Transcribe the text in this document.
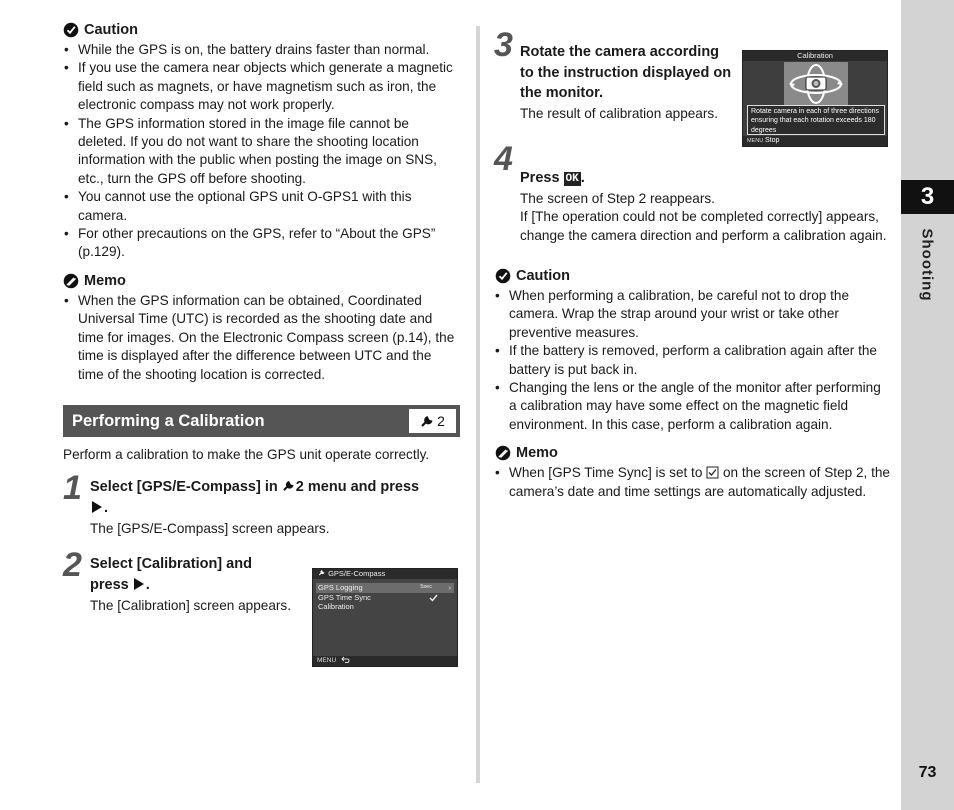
3
Shooting
73
Caution
• While the GPS is on, the battery drains faster than normal.
• If you use the camera near objects which generate a magnetic field such as magnets, or have magnetism such as iron, the electronic compass may not work properly.
• The GPS information stored in the image file cannot be deleted. If you do not want to share the shooting location information with the public when posting the image on SNS, etc., turn the GPS off before shooting.
• You cannot use the optional GPS unit O-GPS1 with this camera.
• For other precautions on the GPS, refer to “About the GPS” (p.129).
Memo
• When the GPS information can be obtained, Coordinated Universal Time (UTC) is recorded as the shooting date and time for images. On the Electronic Compass screen (p.14), the time is displayed after the difference between UTC and the time of the shooting location is corrected.
Performing a Calibration	2

Perform a calibration to make the GPS unit operate correctly.

1 Select [GPS/E-Compass] in 2 menu and press
.
The [GPS/E-Compass] screen appears.
2 Select [Calibration] and
press .
The [Calibration] screen appears.
GPS/E-Compass
GPS Logging	5sec ›
GPS Time Sync
Calibration
MENU
3 Rotate the camera according to the instruction displayed on the monitor.
The result of calibration appears.
4 Press OK .
The screen of Step 2 reappears.
If [The operation could not be completed correctly] appears, change the camera direction and perform a calibration again.
Caution
• When performing a calibration, be careful not to drop the camera. Wrap the strap around your wrist or take other preventive measures.
• If the battery is removed, perform a calibration again after the battery is put back in.
• Changing the lens or the angle of the monitor after performing a calibration may have some effect on the magnetic field environment. In this case, perform a calibration again.
Memo
• When [GPS Time Sync] is set to on the screen of Step 2, the camera’s date and time settings are automatically adjusted.
Calibration
Rotate camera in each of three directions ensuring that each rotation exceeds 180 degrees
MENU Stop
